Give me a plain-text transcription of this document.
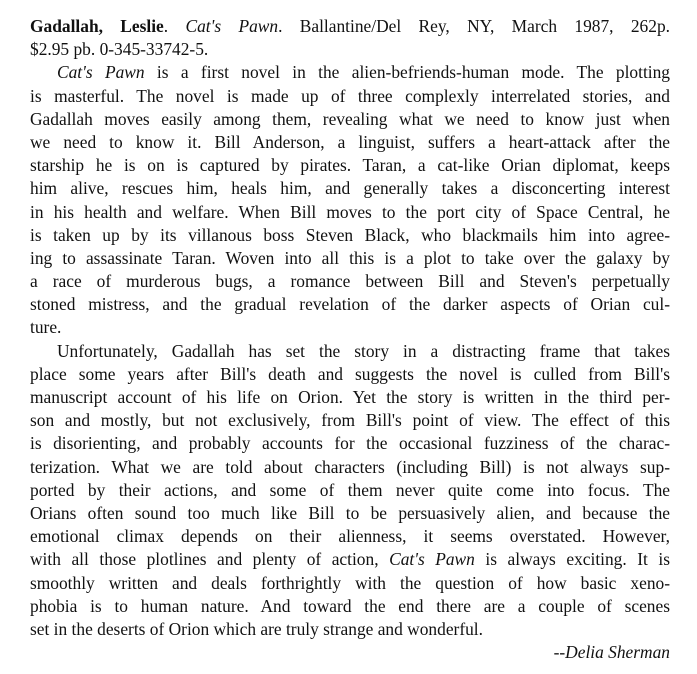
Gadallah, Leslie. Cat's Pawn. Ballantine/Del Rey, NY, March 1987, 262p.
$2.95 pb. 0-345-33742-5.
Cat's Pawn is a first novel in the alien-befriends-human mode. The plotting
is masterful. The novel is made up of three complexly interrelated stories, and
Gadallah moves easily among them, revealing what we need to know just when
we need to know it. Bill Anderson, a linguist, suffers a heart-attack after the
starship he is on is captured by pirates. Taran, a cat-like Orian diplomat, keeps
him alive, rescues him, heals him, and generally takes a disconcerting interest
in his health and welfare. When Bill moves to the port city of Space Central, he
is taken up by its villanous boss Steven Black, who blackmails him into agree-
ing to assassinate Taran. Woven into all this is a plot to take over the galaxy by
a race of murderous bugs, a romance between Bill and Steven's perpetually
stoned mistress, and the gradual revelation of the darker aspects of Orian cul-
ture.
Unfortunately, Gadallah has set the story in a distracting frame that takes
place some years after Bill's death and suggests the novel is culled from Bill's
manuscript account of his life on Orion. Yet the story is written in the third per-
son and mostly, but not exclusively, from Bill's point of view. The effect of this
is disorienting, and probably accounts for the occasional fuzziness of the charac-
terization. What we are told about characters (including Bill) is not always sup-
ported by their actions, and some of them never quite come into focus. The
Orians often sound too much like Bill to be persuasively alien, and because the
emotional climax depends on their alienness, it seems overstated. However,
with all those plotlines and plenty of action, Cat's Pawn is always exciting. It is
smoothly written and deals forthrightly with the question of how basic xeno-
phobia is to human nature. And toward the end there are a couple of scenes
set in the deserts of Orion which are truly strange and wonderful.
--Delia Sherman
